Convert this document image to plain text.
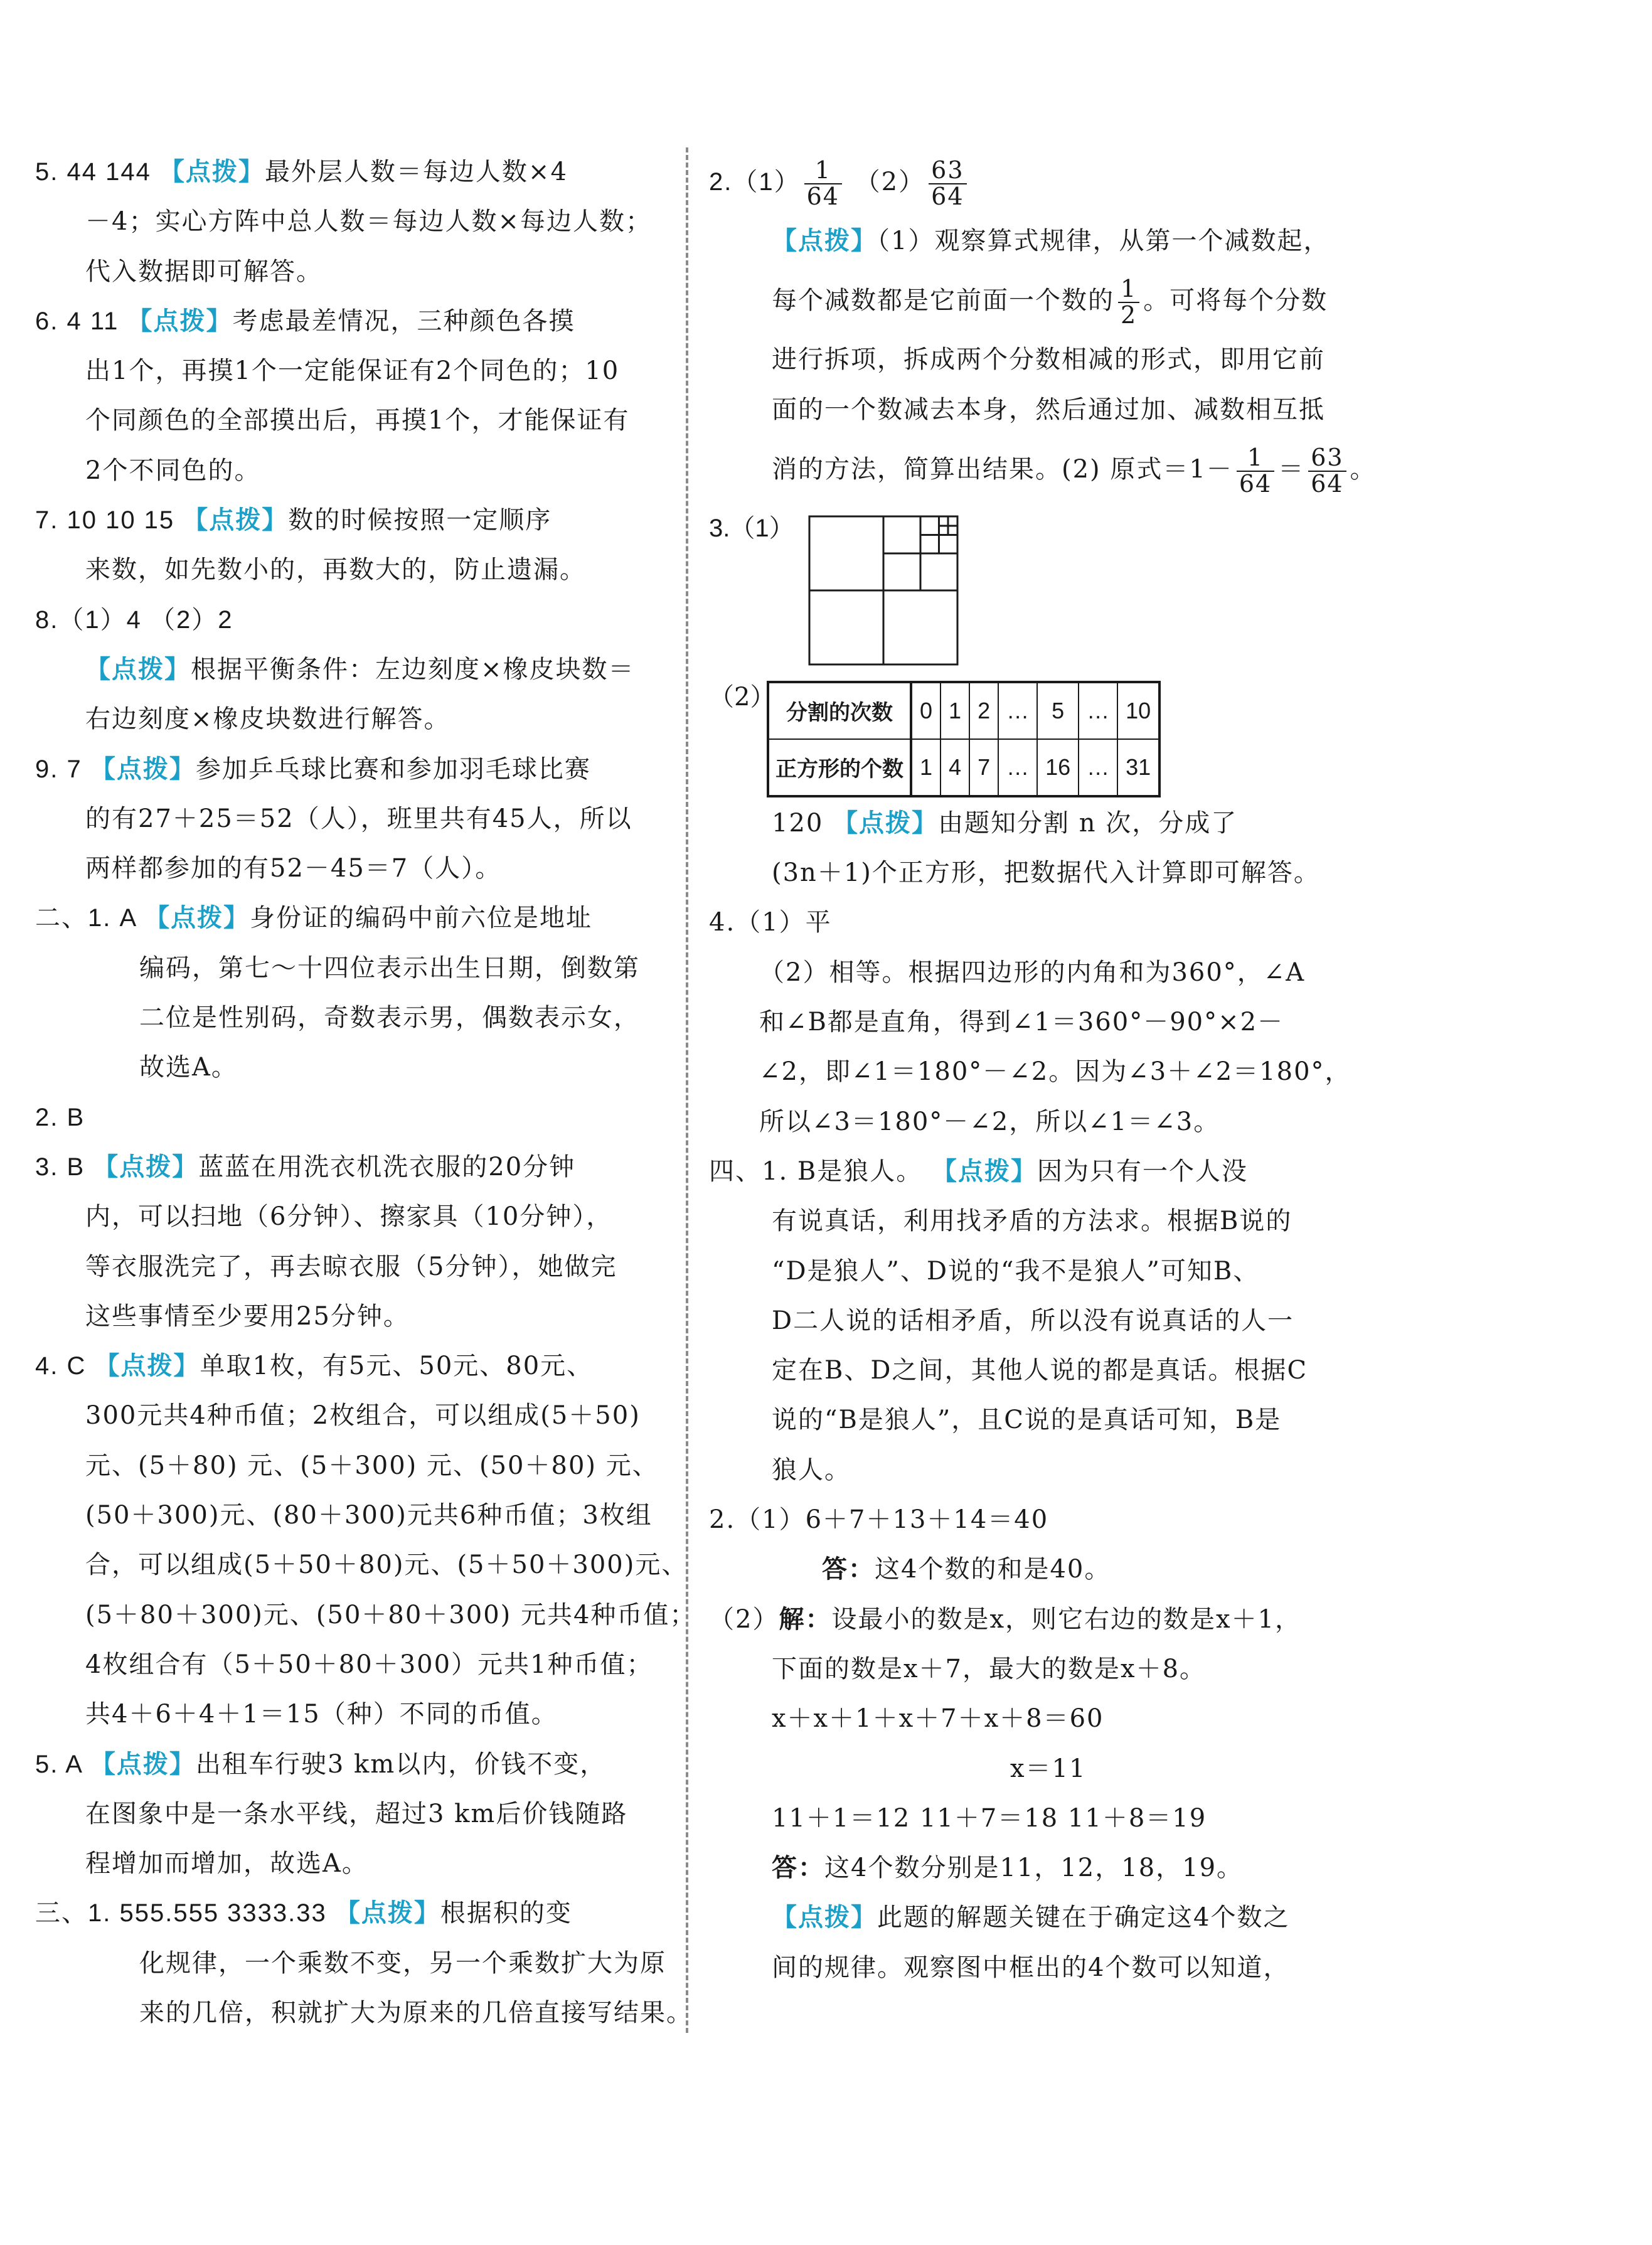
5. 44 144 【点拨】最外层人数＝每边人数×4
－4；实心方阵中总人数＝每边人数×每边人数；
代入数据即可解答。
6. 4 11 【点拨】考虑最差情况，三种颜色各摸
出1个，再摸1个一定能保证有2个同色的；10
个同颜色的全部摸出后，再摸1个，才能保证有
2个不同色的。
7. 10 10 15 【点拨】数的时候按照一定顺序
来数，如先数小的，再数大的，防止遗漏。
8.（1）4 （2）2
【点拨】根据平衡条件：左边刻度×橡皮块数＝
右边刻度×橡皮块数进行解答。
9. 7 【点拨】参加乒乓球比赛和参加羽毛球比赛
的有27＋25＝52（人），班里共有45人，所以
两样都参加的有52－45＝7（人）。
二、1. A 【点拨】身份证的编码中前六位是地址
编码，第七～十四位表示出生日期，倒数第
二位是性别码，奇数表示男，偶数表示女，
故选A。
2. B
3. B 【点拨】蓝蓝在用洗衣机洗衣服的20分钟
内，可以扫地（6分钟）、擦家具（10分钟），
等衣服洗完了，再去晾衣服（5分钟），她做完
这些事情至少要用25分钟。
4. C 【点拨】单取1枚，有5元、50元、80元、
300元共4种币值；2枚组合，可以组成(5＋50)
元、(5＋80) 元、(5＋300) 元、(50＋80) 元、
(50＋300)元、(80＋300)元共6种币值；3枚组
合，可以组成(5＋50＋80)元、(5＋50＋300)元、
(5＋80＋300)元、(50＋80＋300) 元共4种币值；
4枚组合有（5＋50＋80＋300）元共1种币值；
共4＋6＋4＋1＝15（种）不同的币值。
5. A 【点拨】出租车行驶3 km以内，价钱不变，
在图象中是一条水平线，超过3 km后价钱随路
程增加而增加，故选A。
三、1. 555.555 3333.33 【点拨】根据积的变
化规律，一个乘数不变，另一个乘数扩大为原
来的几倍，积就扩大为原来的几倍直接写结果。
$2.(1) \frac{1}{64} (2) \frac{63}{64}$
【点拨】（1）观察算式规律，从第一个减数起，
每个减数都是它前面一个数的 $\frac{1}{2}$ 。可将每个分数
进行拆项，拆成两个分数相减的形式，即用它前
面的一个数减去本身，然后通过加、减数相互抵
消的方法，简算出结果。(2) 原式$=1- \frac{1}{64} = \frac{63}{64}$ 。
3.（1）
（2）
分割的次数	0	1	2	…	5	…	10
正方形的个数	1	4	7	…	16	…	31
120 【点拨】由题知分割 n 次，分成了
(3n＋1)个正方形，把数据代入计算即可解答。
4.（1）平
（2）相等。根据四边形的内角和为360°，∠A
和∠B都是直角，得到∠1＝360°－90°×2－
∠2，即∠1＝180°－∠2。因为∠3＋∠2＝180°，
所以∠3＝180°－∠2，所以∠1＝∠3。
四、1. B是狼人。 【点拨】因为只有一个人没
有说真话，利用找矛盾的方法求。根据B说的
“D是狼人”、D说的“我不是狼人”可知B、
D二人说的话相矛盾，所以没有说真话的人一
定在B、D之间，其他人说的都是真话。根据C
说的“B是狼人”，且C说的是真话可知，B是
狼人。
2.（1）6＋7＋13＋14＝40
答：这4个数的和是40。
（2）解：设最小的数是x，则它右边的数是x＋1，
下面的数是x＋7，最大的数是x＋8。
x＋x＋1＋x＋7＋x＋8＝60
x＝11
11＋1＝12 11＋7＝18 11＋8＝19
答：这4个数分别是11，12，18，19。
【点拨】此题的解题关键在于确定这4个数之
间的规律。观察图中框出的4个数可以知道，
